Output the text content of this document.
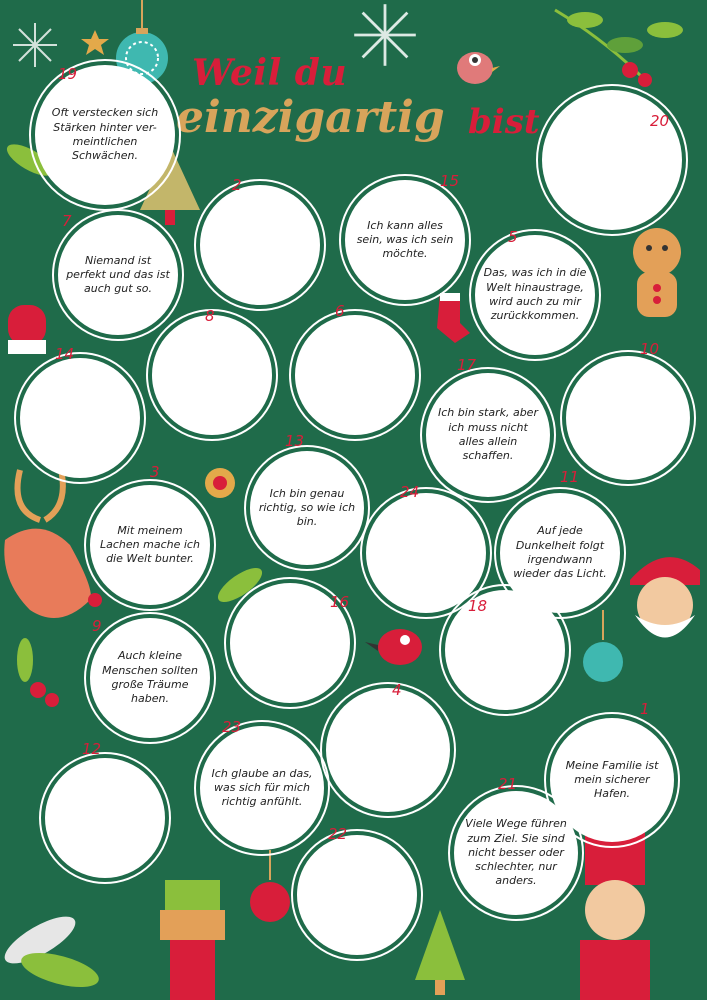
Weil du
einzigartig bist
Oft verstecken sich Stärken hinter ver-meintlichen Schwächen.
19
20
2
Ich kann alles sein, was ich sein möchte.
15
Niemand ist perfekt und das ist auch gut so.
7
Das, was ich in die Welt hinaustrage, wird auch zu mir zurückkommen.
5
8	6
14
Ich bin stark, aber ich muss nicht alles allein schaffen.
17
10
Ich bin genau richtig, so wie ich bin.
13
Mit meinem Lachen mache ich die Welt bunter.
3
24
Auf jede Dunkelheit folgt irgendwann wieder das Licht.
11
16
Auch kleine Menschen sollten große Träume haben.
9
18
4
Meine Familie ist mein sicherer Hafen.
1
12
Ich glaube an das, was sich für mich richtig anfühlt.
23
Viele Wege führen zum Ziel. Sie sind nicht besser oder schlechter, nur anders.
21
22
